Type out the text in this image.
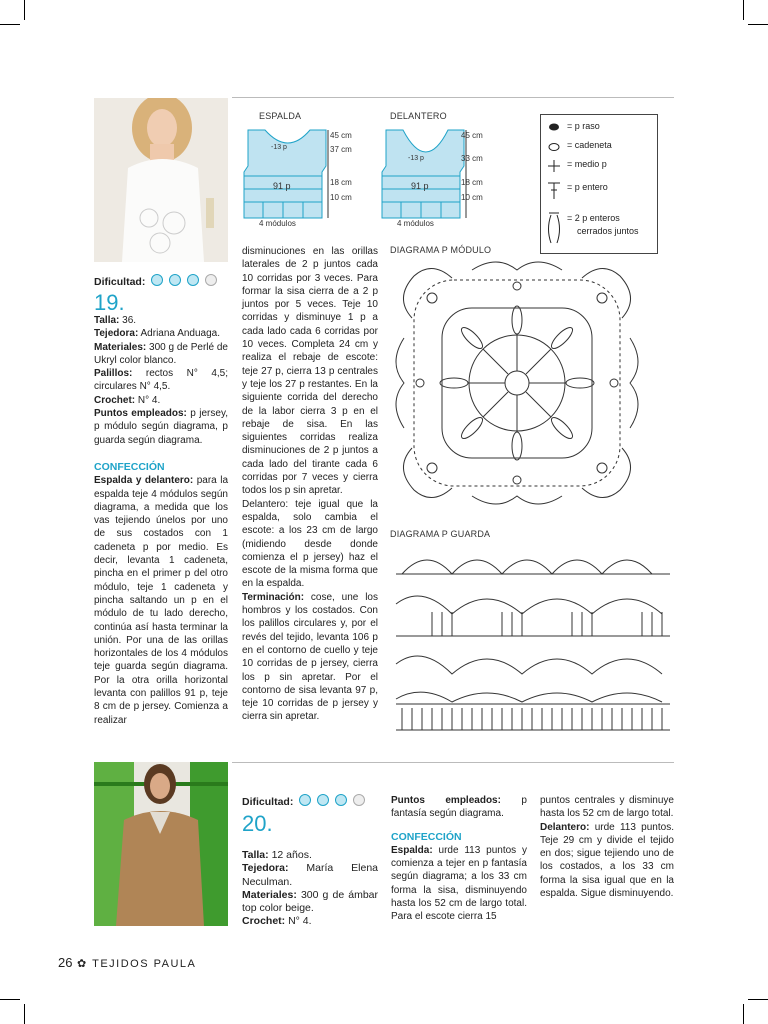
ESPALDA
-13 p
91 p
4 módulos
45 cm
37 cm
18 cm
10 cm
DELANTERO
-13 p
91 p
4 módulos
45 cm
33 cm
18 cm
10 cm
= p raso
= cadeneta
= medio p
= p entero
= 2 p enteros
cerrados juntos
DIAGRAMA P MÓDULO
DIAGRAMA P GUARDA
Dificultad:
19.

Talla: 36.

Tejedora: Adriana Anduaga.

Materiales: 300 g de Perlé de Ukryl color blanco.

Palillos: rectos N° 4,5; circulares N° 4,5.

Crochet: N° 4.

Puntos empleados: p jersey, p módulo según diagrama, p guarda según diagrama.

CONFECCIÓN

Espalda y delantero: para la espalda teje 4 módulos según diagrama, a medida que los vas tejiendo únelos por uno de sus costados con 1 cadeneta p por medio. Es decir, levanta 1 cadeneta, pincha en el primer p del otro módulo, teje 1 cadeneta y pincha saltando un p en el módulo de tu lado derecho, continúa así hasta terminar la unión. Por una de las orillas horizontales de los 4 módulos teje guarda según diagrama. Por la otra orilla horizontal levanta con palillos 91 p, teje 8 cm de p jersey. Comienza a realizar

disminuciones en las orillas laterales de 2 p juntos cada 10 corridas por 3 veces. Para formar la sisa cierra de a 2 p juntos por 5 veces. Teje 10 corridas y disminuye 1 p a cada lado cada 6 corridas por 10 veces. Completa 24 cm y realiza el rebaje de escote: teje 27 p, cierra 13 p centrales y teje los 27 p restantes. En la siguiente corrida del derecho de la labor cierra 3 p en el rebaje de sisa. En las siguientes corridas realiza disminuciones de 2 p juntos a cada lado del tirante cada 6 corridas por 7 veces y cierra todos los p sin apretar.

Delantero: teje igual que la espalda, solo cambia el escote: a los 23 cm de largo (midiendo desde donde comienza el p jersey) haz el escote de la misma forma que en la espalda.

Terminación: cose, une los hombros y los costados. Con los palillos circulares y, por el revés del tejido, levanta 106 p en el contorno de cuello y teje 10 corridas de p jersey, cierra los p sin apretar. Por el contorno de sisa levanta 97 p, teje 10 corridas de p jersey y cierra sin apretar.

Dificultad:
20.

Talla: 12 años.

Tejedora: María Elena Neculman.

Materiales: 300 g de ámbar top color beige.

Crochet: N° 4.

Puntos empleados: p fantasía según diagrama.

CONFECCIÓN

Espalda: urde 113 puntos y comienza a tejer en p fantasía según diagrama; a los 33 cm forma la sisa, disminuyendo hasta los 52 cm de largo total. Para el escote cierra 15

puntos centrales y disminuye hasta los 52 cm de largo total.

Delantero: urde 113 puntos. Teje 29 cm y divide el tejido en dos; sigue tejiendo uno de los costados, a los 33 cm forma la sisa igual que en la espalda. Sigue disminuyendo.

26 ✿ TEJIDOS PAULA
